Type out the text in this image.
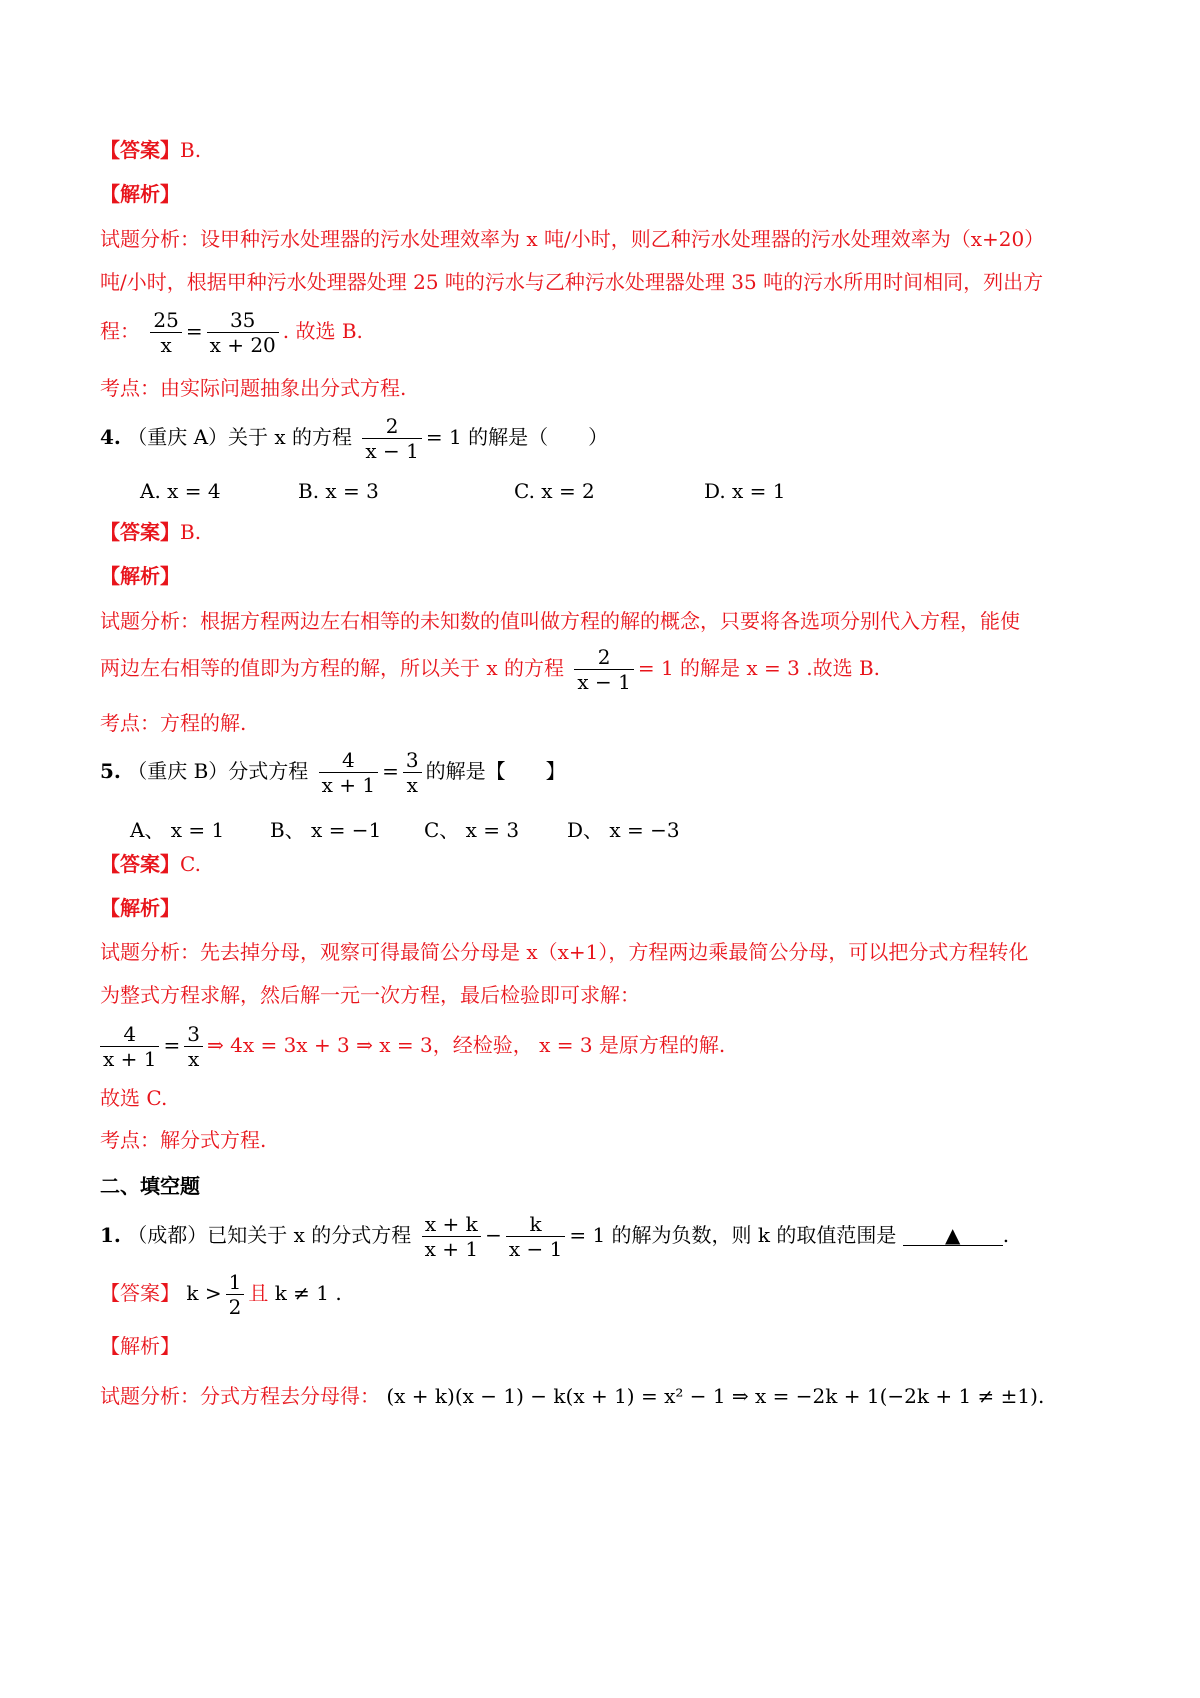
【答案】B.
【解析】
试题分析：设甲种污水处理器的污水处理效率为 x 吨/小时，则乙种污水处理器的污水处理效率为（x+20）
吨/小时，根据甲种污水处理器处理 25 吨的污水与乙种污水处理器处理 35 吨的污水所用时间相同，列出方
程： $\frac{25}{x} = \frac{35}{x + 20}$ . 故选 B.
考点：由实际问题抽象出分式方程.
4. （重庆 A）关于 x 的方程 $\frac{2}{x - 1} = 1$ 的解是（　　）
A. x = 4	B. x = 3	C. x = 2	D. x = 1
【答案】B.
【解析】
试题分析：根据方程两边左右相等的未知数的值叫做方程的解的概念，只要将各选项分别代入方程，能使
两边左右相等的值即为方程的解，所以关于 x 的方程 $\frac{2}{x - 1} = 1$ 的解是 x = 3 .故选 B.
考点：方程的解.
5. （重庆 B）分式方程 $\frac{4}{x + 1} = \frac{3}{x}$ 的解是【　　】
A、 x = 1 B、 x = −1 C、 x = 3 D、 x = −3
【答案】C.
【解析】
试题分析：先去掉分母，观察可得最简公分母是 x（x+1），方程两边乘最简公分母，可以把分式方程转化
为整式方程求解，然后解一元一次方程，最后检验即可求解：
$\frac{4}{x + 1} = \frac{3}{x}$ ⇒ 4x = 3x + 3 ⇒ x = 3，经检验， x = 3 是原方程的解.
故选 C.
考点：解分式方程.
二、填空题
1. （成都）已知关于 x 的分式方程 $\frac{x + k}{x + 1} - \frac{k}{x - 1} = 1$ 的解为负数，则 k 的取值范围是 ▲ .
【答案】 $k > \frac{1}{2}$ 且 k ≠ 1 .
【解析】
试题分析：分式方程去分母得： (x + k)(x − 1) − k(x + 1) = x² − 1 ⇒ x = −2k + 1(−2k + 1 ≠ ±1).
